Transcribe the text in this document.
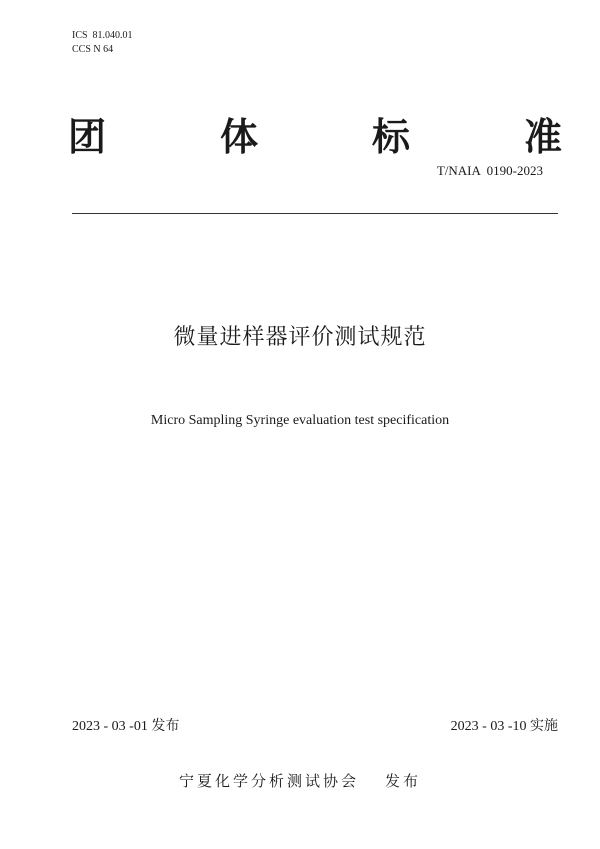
ICS  81.040.01
CCS N 64
团	体	标	准
T/NAIA  0190-2023
微量进样器评价测试规范
Micro Sampling Syringe evaluation test specification
2023 - 03 -01 发布	2023 - 03 -10 实施
宁夏化学分析测试协会 发布
